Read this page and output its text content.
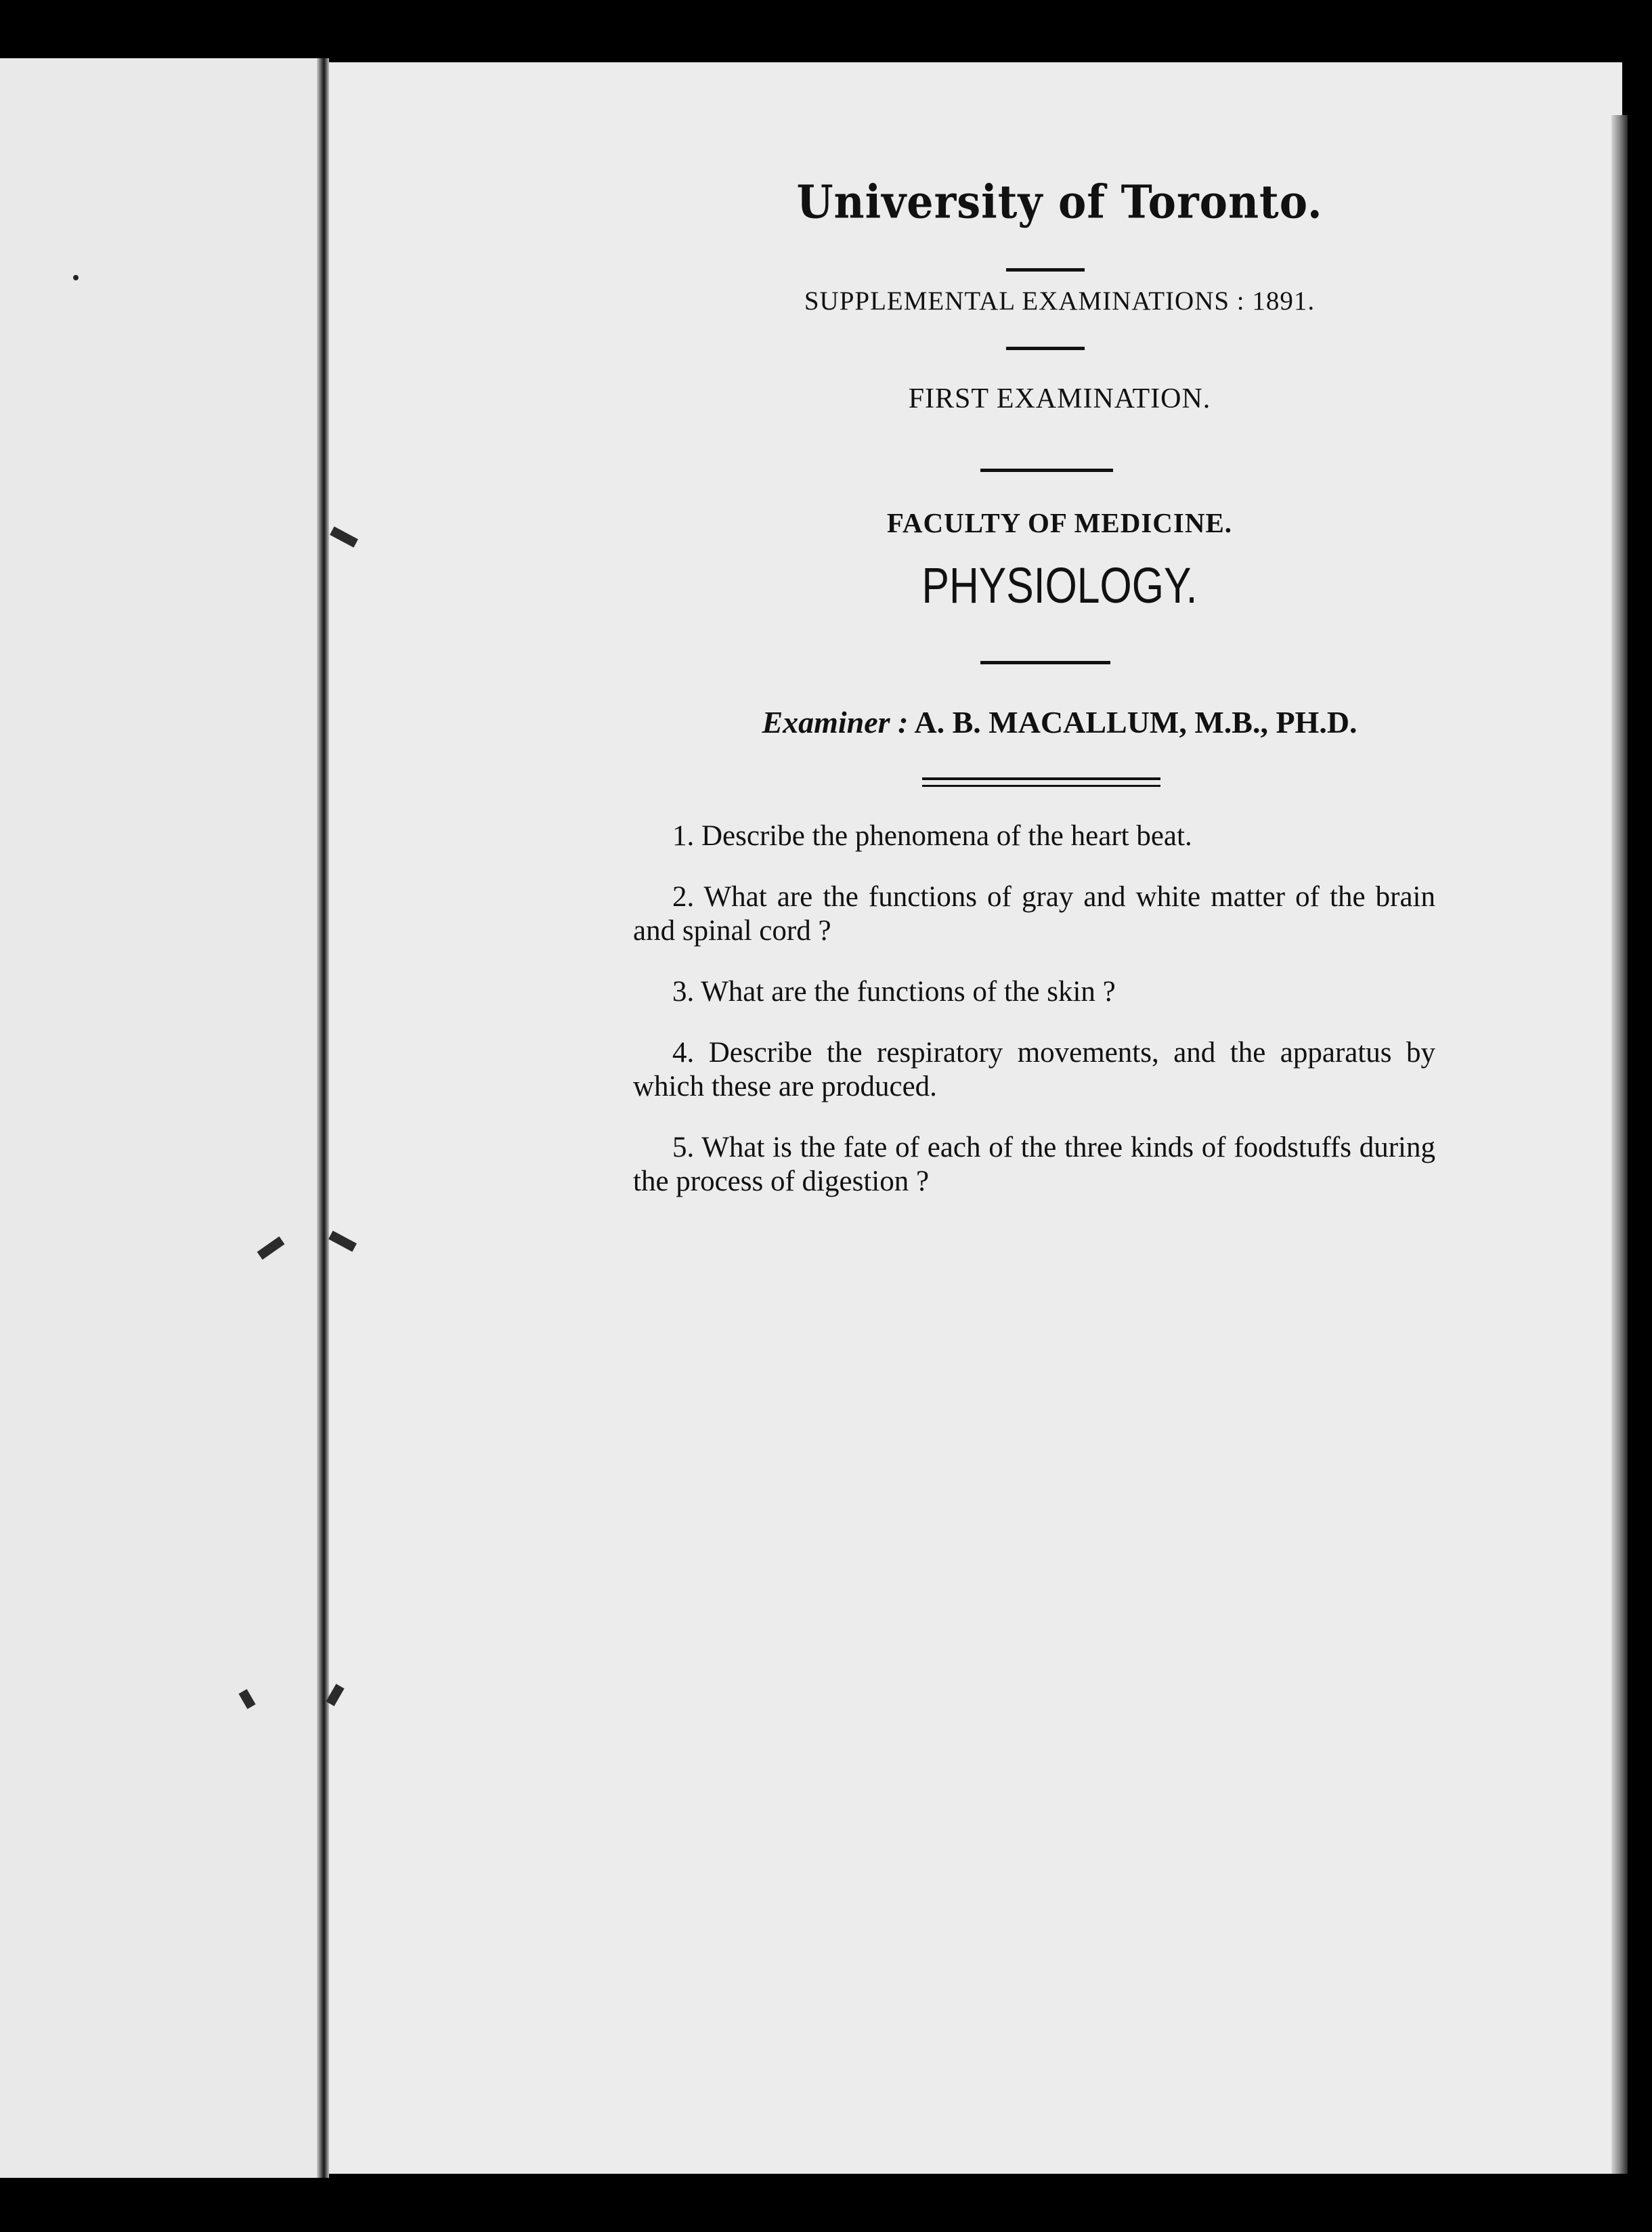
University of Toronto.
SUPPLEMENTAL EXAMINATIONS : 1891.
FIRST EXAMINATION.
FACULTY OF MEDICINE.
PHYSIOLOGY.
Examiner : A. B. MACALLUM, M.B., PH.D.
1. Describe the phenomena of the heart beat.
2. What are the functions of gray and white matter of the brain and spinal cord ?
3. What are the functions of the skin ?
4. Describe the respiratory movements, and the apparatus by which these are produced.
5. What is the fate of each of the three kinds of foodstuffs during the process of digestion ?
